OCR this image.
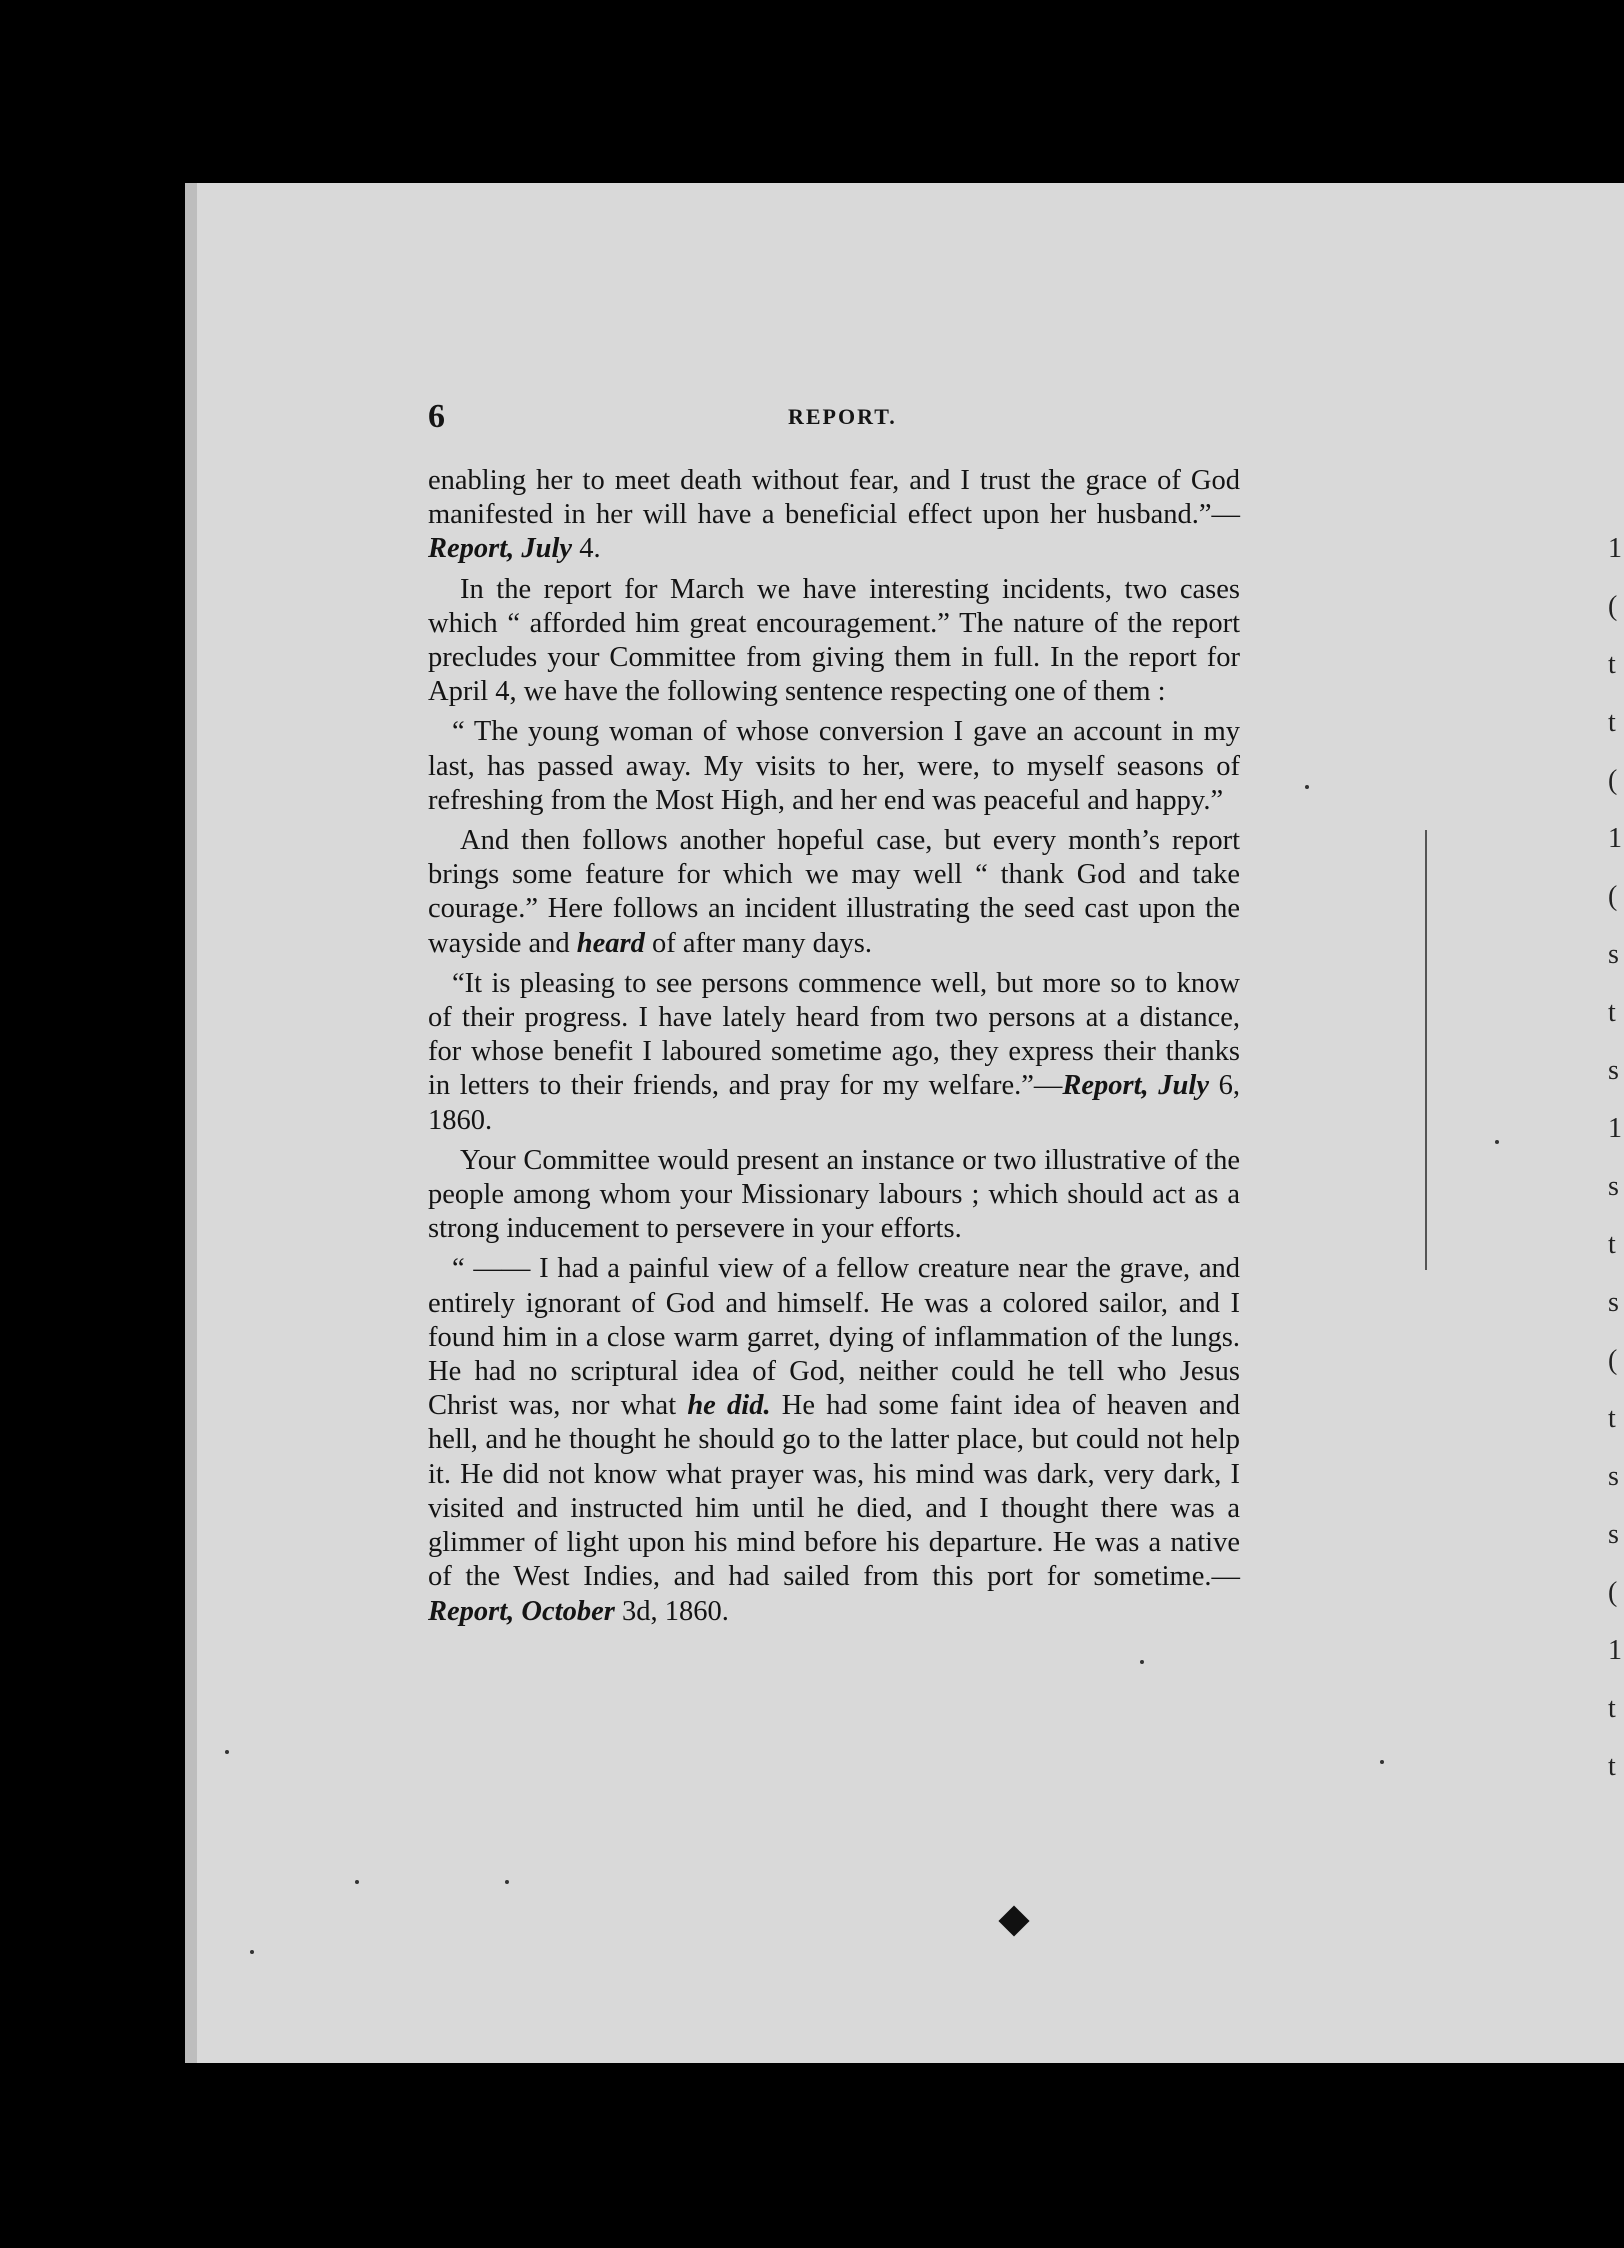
1
(
t
t
(
1
(
s
t
s
1
s
t
s
(
t
s
s
(
1
t
t
6	REPORT.

enabling her to meet death without fear, and I trust the grace of God manifested in her will have a beneficial effect upon her husband.”—Report, July 4.

In the report for March we have interesting incidents, two cases which “ afforded him great encouragement.” The nature of the report precludes your Committee from giving them in full. In the report for April 4, we have the following sentence respecting one of them :

“ The young woman of whose conversion I gave an account in my last, has passed away. My visits to her, were, to myself seasons of refreshing from the Most High, and her end was peaceful and happy.”

And then follows another hopeful case, but every month’s report brings some feature for which we may well “ thank God and take courage.” Here follows an incident illustrating the seed cast upon the wayside and heard of after many days.

“It is pleasing to see persons commence well, but more so to know of their progress. I have lately heard from two persons at a distance, for whose benefit I laboured sometime ago, they express their thanks in letters to their friends, and pray for my welfare.”—Report, July 6, 1860.

Your Committee would present an instance or two illustrative of the people among whom your Missionary labours ; which should act as a strong inducement to persevere in your efforts.

“ —— I had a painful view of a fellow creature near the grave, and entirely ignorant of God and himself. He was a colored sailor, and I found him in a close warm garret, dying of inflammation of the lungs. He had no scriptural idea of God, neither could he tell who Jesus Christ was, nor what he did. He had some faint idea of heaven and hell, and he thought he should go to the latter place, but could not help it. He did not know what prayer was, his mind was dark, very dark, I visited and instructed him until he died, and I thought there was a glimmer of light upon his mind before his departure. He was a native of the West Indies, and had sailed from this port for sometime.—Report, October 3d, 1860.
